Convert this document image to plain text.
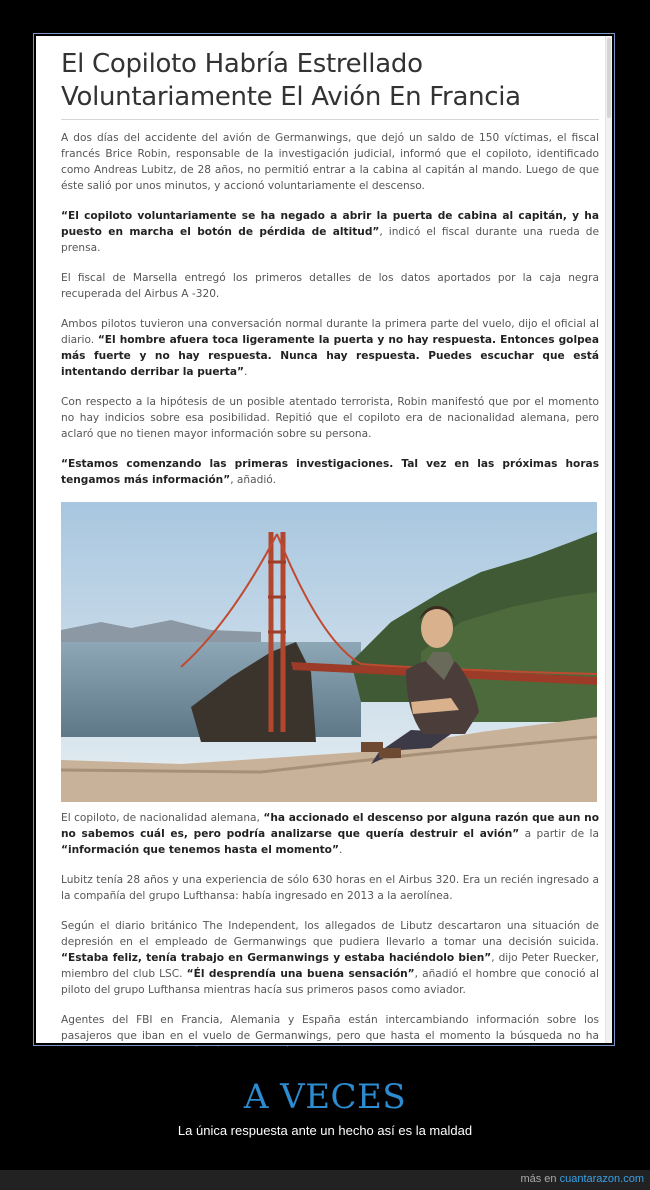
El Copiloto Habría Estrellado Voluntariamente El Avión En Francia

A dos días del accidente del avión de Germanwings, que dejó un saldo de 150 víctimas, el fiscal francés Brice Robin, responsable de la investigación judicial, informó que el copiloto, identificado como Andreas Lubitz, de 28 años, no permitió entrar a la cabina al capitán al mando. Luego de que éste salió por unos minutos, y accionó voluntariamente el descenso.

“El copiloto voluntariamente se ha negado a abrir la puerta de cabina al capitán, y ha puesto en marcha el botón de pérdida de altitud”, indicó el fiscal durante una rueda de prensa.

El fiscal de Marsella entregó los primeros detalles de los datos aportados por la caja negra recuperada del Airbus A -320.

Ambos pilotos tuvieron una conversación normal durante la primera parte del vuelo, dijo el oficial al diario. “El hombre afuera toca ligeramente la puerta y no hay respuesta. Entonces golpea más fuerte y no hay respuesta. Nunca hay respuesta. Puedes escuchar que está intentando derribar la puerta”.

Con respecto a la hipótesis de un posible atentado terrorista, Robin manifestó que por el momento no hay indicios sobre esa posibilidad. Repitió que el copiloto era de nacionalidad alemana, pero aclaró que no tienen mayor información sobre su persona.

“Estamos comenzando las primeras investigaciones. Tal vez en las próximas horas tengamos más información”, añadió.

El copiloto, de nacionalidad alemana, “ha accionado el descenso por alguna razón que aun no no sabemos cuál es, pero podría analizarse que quería destruir el avión” a partir de la “información que tenemos hasta el momento”.

Lubitz tenía 28 años y una experiencia de sólo 630 horas en el Airbus 320. Era un recién ingresado a la compañía del grupo Lufthansa: había ingresado en 2013 a la aerolínea.

Según el diario británico The Independent, los allegados de Libutz descartaron una situación de depresión en el empleado de Germanwings que pudiera llevarlo a tomar una decisión suicida. “Estaba feliz, tenía trabajo en Germanwings y estaba haciéndolo bien”, dijo Peter Ruecker, miembro del club LSC. “Él desprendía una buena sensación”, añadió el hombre que conoció al piloto del grupo Lufthansa mientras hacía sus primeros pasos como aviador.

Agentes del FBI en Francia, Alemania y España están intercambiando información sobre los pasajeros que iban en el vuelo de Germanwings, pero que hasta el momento la búsqueda no ha

A VECES
La única respuesta ante un hecho así es la maldad
más en cuantarazon.com
